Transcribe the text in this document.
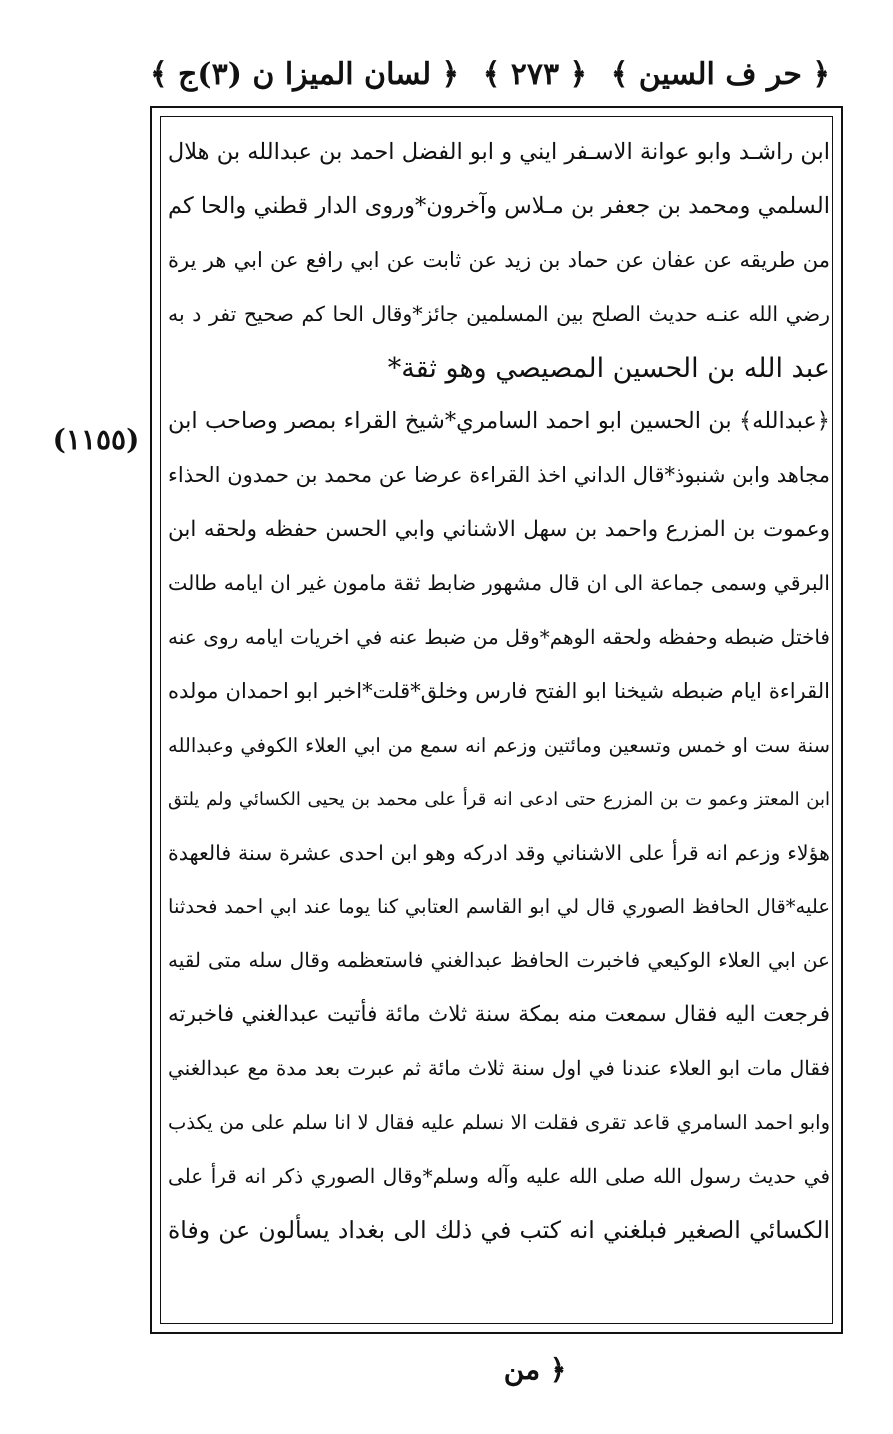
﴿ حر ف السين ﴾
﴿ ٢٧٣ ﴾
﴿ لسان الميزا ن (٣)ج ﴾
(١١٥٥)
ابن راشـد وابو عوانة الاسـفر ايني و ابو الفضل احمد بن عبدالله بن هلال
السلمي ومحمد بن جعفر بن مـلاس وآخرون*وروى الدار قطني والحا كم
من طريقه عن عفان عن حماد بن زيد عن ثابت عن ابي رافع عن ابي هر يرة
رضي الله عنـه حديث الصلح بين المسلمين جائز*وقال الحا كم صحيح تفر د به
عبد الله بن الحسين المصيصي وهو ثقة*
﴿عبدالله﴾ بن الحسين ابو احمد السامري*شيخ القراء بمصر وصاحب ابن
مجاهد وابن شنبوذ*قال الداني اخذ القراءة عرضا عن محمد بن حمدون الحذاء
وعموت بن المزرع واحمد بن سهل الاشناني وابي الحسن حفظه ولحقه ابن
البرقي وسمى جماعة الى ان قال مشهور ضابط ثقة مامون غير ان ايامه طالت
فاختل ضبطه وحفظه ولحقه الوهم*وقل من ضبط عنه في اخريات ايامه روى عنه
القراءة ايام ضبطه شيخنا ابو الفتح فارس وخلق*قلت*اخبر ابو احمدان مولده
سنة ست او خمس وتسعين ومائتين وزعم انه سمع من ابي العلاء الكوفي وعبدالله
ابن المعتز وعمو ت بن المزرع حتى ادعى انه قرأ على محمد بن يحيى الكسائي ولم يلتق
هؤلاء وزعم انه قرأ على الاشناني وقد ادركه وهو ابن احدى عشرة سنة فالعهدة
عليه*قال الحافظ الصوري قال لي ابو القاسم العتابي كنا يوما عند ابي احمد فحدثنا
عن ابي العلاء الوكيعي فاخبرت الحافظ عبدالغني فاستعظمه وقال سله متى لقيه
فرجعت اليه فقال سمعت منه بمكة سنة ثلاث مائة فأتيت عبدالغني فاخبرته
فقال مات ابو العلاء عندنا في اول سنة ثلاث مائة ثم عبرت بعد مدة مع عبدالغني
وابو احمد السامري قاعد تقرى فقلت الا نسلم عليه فقال لا انا سلم على من يكذب
في حديث رسول الله صلى الله عليه وآله وسلم*وقال الصوري ذكر انه قرأ على
الكسائي الصغير فبلغني انه كتب في ذلك الى بغداد يسألون عن وفاة
﴿ من
